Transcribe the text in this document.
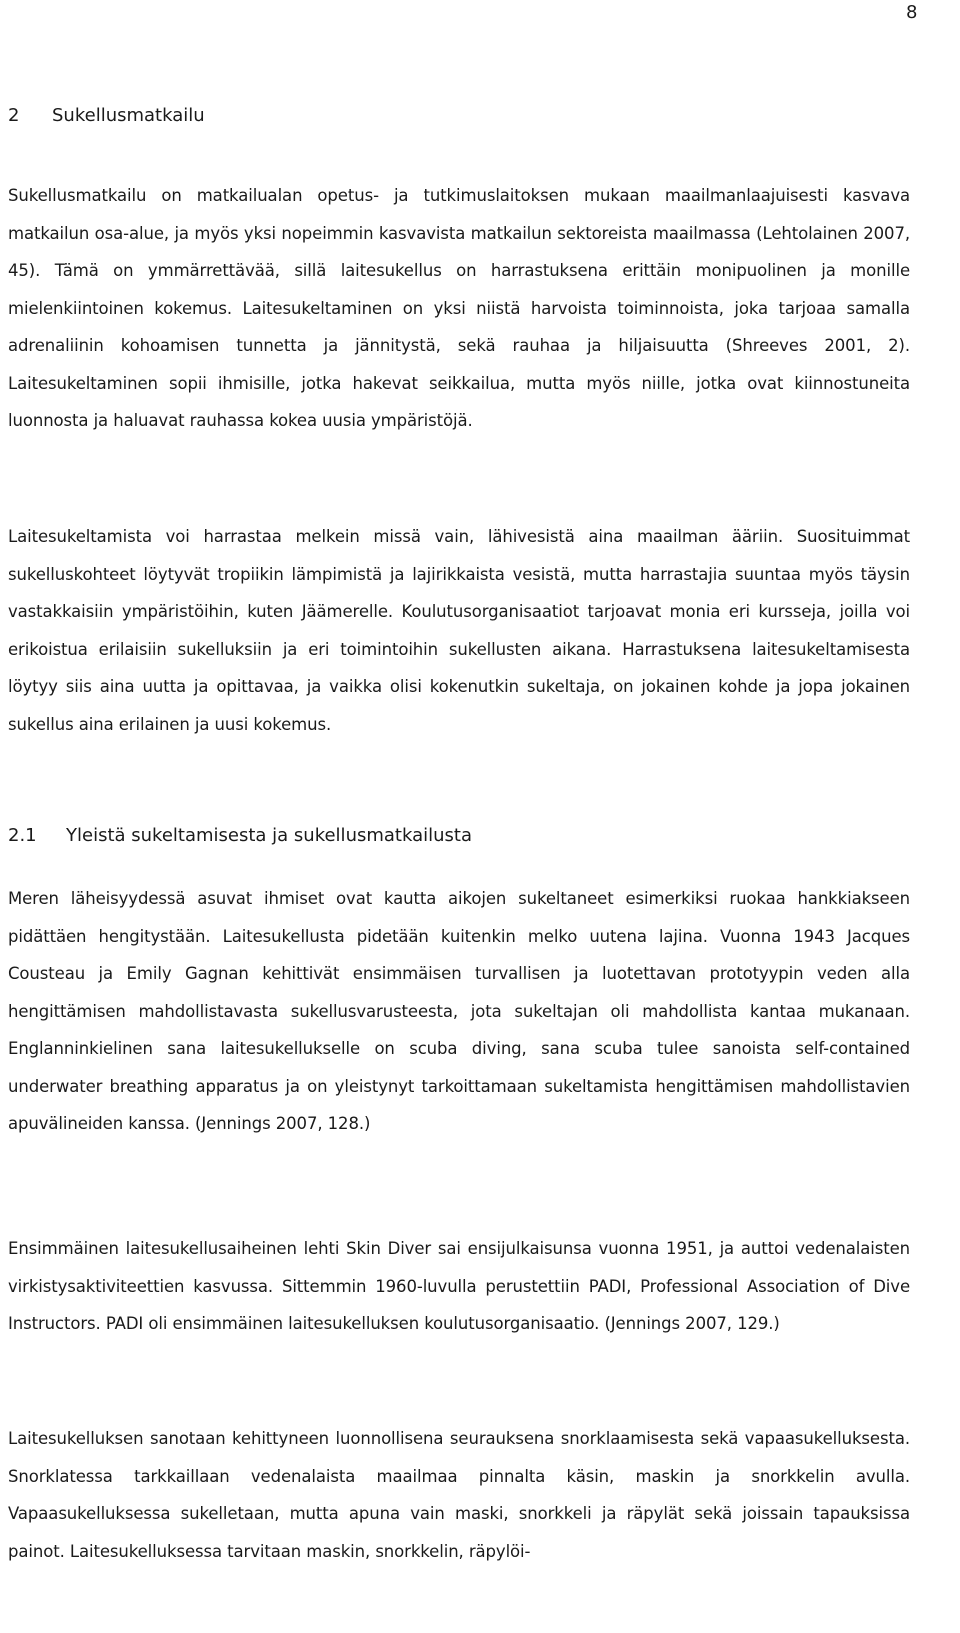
8
2 Sukellusmatkailu

Sukellusmatkailu on matkailualan opetus- ja tutkimuslaitoksen mukaan maailmanlaajuisesti kasvava matkailun osa-alue, ja myös yksi nopeimmin kasvavista matkailun sektoreista maailmassa (Lehtolainen 2007, 45). Tämä on ymmärrettävää, sillä laitesukellus on harrastuksena erittäin monipuolinen ja monille mielenkiintoinen kokemus. Laitesukeltaminen on yksi niistä harvoista toiminnoista, joka tarjoaa samalla adrenaliinin kohoamisen tunnetta ja jännitystä, sekä rauhaa ja hiljaisuutta (Shreeves 2001, 2). Laitesukeltaminen sopii ihmisille, jotka hakevat seikkailua, mutta myös niille, jotka ovat kiinnostuneita luonnosta ja haluavat rauhassa kokea uusia ympäristöjä.

Laitesukeltamista voi harrastaa melkein missä vain, lähivesistä aina maailman ääriin. Suosituimmat sukelluskohteet löytyvät tropiikin lämpimistä ja lajirikkaista vesistä, mutta harrastajia suuntaa myös täysin vastakkaisiin ympäristöihin, kuten Jäämerelle. Koulutusorganisaatiot tarjoavat monia eri kursseja, joilla voi erikoistua erilaisiin sukelluksiin ja eri toimintoihin sukellusten aikana. Harrastuksena laitesukeltamisesta löytyy siis aina uutta ja opittavaa, ja vaikka olisi kokenutkin sukeltaja, on jokainen kohde ja jopa jokainen sukellus aina erilainen ja uusi kokemus.

2.1 Yleistä sukeltamisesta ja sukellusmatkailusta

Meren läheisyydessä asuvat ihmiset ovat kautta aikojen sukeltaneet esimerkiksi ruokaa hankkiakseen pidättäen hengitystään. Laitesukellusta pidetään kuitenkin melko uutena lajina. Vuonna 1943 Jacques Cousteau ja Emily Gagnan kehittivät ensimmäisen turvallisen ja luotettavan prototyypin veden alla hengittämisen mahdollistavasta sukellusvarusteesta, jota sukeltajan oli mahdollista kantaa mukanaan. Englanninkielinen sana laitesukellukselle on scuba diving, sana scuba tulee sanoista self-contained underwater breathing apparatus ja on yleistynyt tarkoittamaan sukeltamista hengittämisen mahdollistavien apuvälineiden kanssa. (Jennings 2007, 128.)

Ensimmäinen laitesukellusaiheinen lehti Skin Diver sai ensijulkaisunsa vuonna 1951, ja auttoi vedenalaisten virkistysaktiviteettien kasvussa. Sittemmin 1960-luvulla perustettiin PADI, Professional Association of Dive Instructors. PADI oli ensimmäinen laitesukelluksen koulutusorganisaatio. (Jennings 2007, 129.)

Laitesukelluksen sanotaan kehittyneen luonnollisena seurauksena snorklaamisesta sekä vapaasukelluksesta. Snorklatessa tarkkaillaan vedenalaista maailmaa pinnalta käsin, maskin ja snorkkelin avulla. Vapaasukelluksessa sukelletaan, mutta apuna vain maski, snorkkeli ja räpylät sekä joissain tapauksissa painot. Laitesukelluksessa tarvitaan maskin, snorkkelin, räpylöi-
